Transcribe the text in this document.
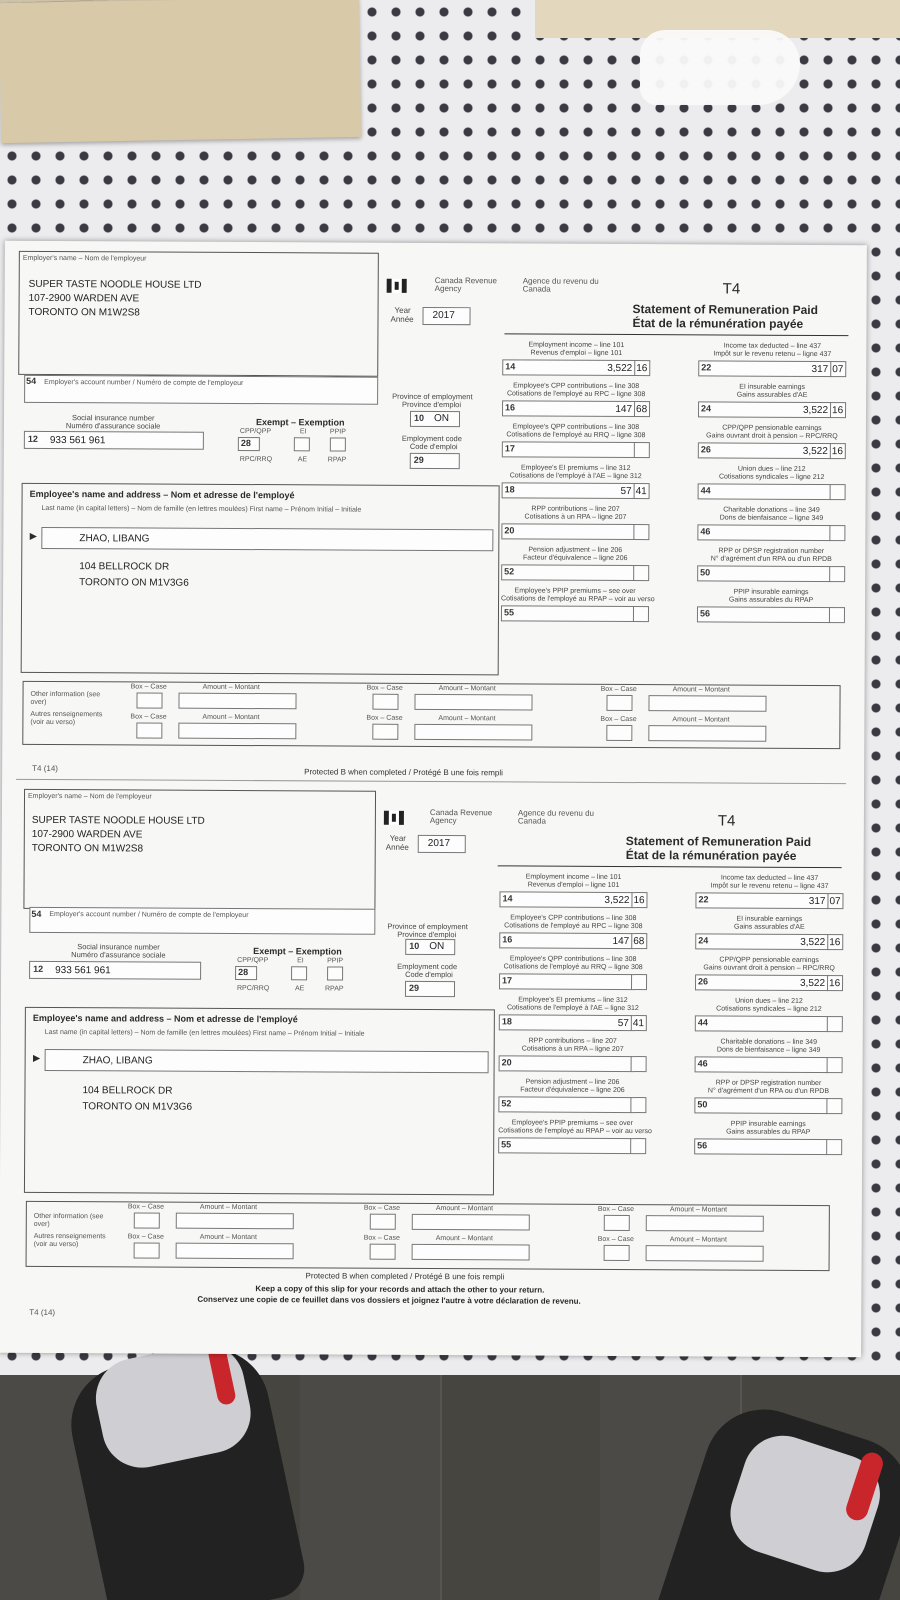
Employer's name – Nom de l'employeur
SUPER TASTE NOODLE HOUSE LTD
107-2900 WARDEN AVE
TORONTO ON M1W2S8
Canada Revenue Agency
Agence du revenu du Canada	T4
Year
Année 2017	Statement of Remuneration Paid
État de la rémunération payée
54 Employer's account number / Numéro de compte de l'employeur
Social insurance number
Numéro d'assurance sociale
12 933 561 961
Exempt – Exemption
CPP/QPP	EI	PPIP
28
RPC/RRQ	AE	RPAP
Province of employment
Province d'emploi
10 ON
Employment code
Code d'emploi
29
Employee's name and address – Nom et adresse de l'employé
Last name (in capital letters) – Nom de famille (en lettres moulées) First name – Prénom Initial – Initiale
►	ZHAO, LIBANG
104 BELLROCK DR
TORONTO ON M1V3G6
Employment income – line 101
Revenus d'emploi – ligne 101
14	3,522 16
Income tax deducted – line 437
Impôt sur le revenu retenu – ligne 437
22	317 07
Employee's CPP contributions – line 308
Cotisations de l'employé au RPC – ligne 308
16	147 68
EI insurable earnings
Gains assurables d'AE
24	3,522 16
Employee's QPP contributions – line 308
Cotisations de l'employé au RRQ – ligne 308
17
CPP/QPP pensionable earnings
Gains ouvrant droit à pension – RPC/RRQ
26	3,522 16
Employee's EI premiums – line 312
Cotisations de l'employé à l'AE – ligne 312
18	57 41
Union dues – line 212
Cotisations syndicales – ligne 212
44
RPP contributions – line 207
Cotisations à un RPA – ligne 207
20
Charitable donations – line 349
Dons de bienfaisance – ligne 349
46
Pension adjustment – line 206
Facteur d'équivalence – ligne 206
52
RPP or DPSP registration number
N° d'agrément d'un RPA ou d'un RPDB
50
Employee's PPIP premiums – see over
Cotisations de l'employé au RPAP – voir au verso
55
PPIP insurable earnings
Gains assurables du RPAP
56
Other information (see over)
Autres renseignements (voir au verso)
Box – Case	Amount – Montant	Box – Case	Amount – Montant	Box – Case	Amount – Montant
Box – Case	Amount – Montant	Box – Case	Amount – Montant	Box – Case	Amount – Montant
T4 (14)	Protected B when completed / Protégé B une fois rempli
Employer's name – Nom de l'employeur
SUPER TASTE NOODLE HOUSE LTD
107-2900 WARDEN AVE
TORONTO ON M1W2S8
Canada Revenue Agency
Agence du revenu du Canada	T4
Year
Année 2017	Statement of Remuneration Paid
État de la rémunération payée
54 Employer's account number / Numéro de compte de l'employeur
Social insurance number
Numéro d'assurance sociale
12 933 561 961
Exempt – Exemption
CPP/QPP	EI	PPIP
28
RPC/RRQ	AE	RPAP
Province of employment
Province d'emploi
10 ON
Employment code
Code d'emploi
29
Employee's name and address – Nom et adresse de l'employé
Last name (in capital letters) – Nom de famille (en lettres moulées) First name – Prénom Initial – Initiale
►	ZHAO, LIBANG
104 BELLROCK DR
TORONTO ON M1V3G6
Employment income – line 101
Revenus d'emploi – ligne 101
14	3,522 16
Income tax deducted – line 437
Impôt sur le revenu retenu – ligne 437
22	317 07
Employee's CPP contributions – line 308
Cotisations de l'employé au RPC – ligne 308
16	147 68
EI insurable earnings
Gains assurables d'AE
24	3,522 16
Employee's QPP contributions – line 308
Cotisations de l'employé au RRQ – ligne 308
17
CPP/QPP pensionable earnings
Gains ouvrant droit à pension – RPC/RRQ
26	3,522 16
Employee's EI premiums – line 312
Cotisations de l'employé à l'AE – ligne 312
18	57 41
Union dues – line 212
Cotisations syndicales – ligne 212
44
RPP contributions – line 207
Cotisations à un RPA – ligne 207
20
Charitable donations – line 349
Dons de bienfaisance – ligne 349
46
Pension adjustment – line 206
Facteur d'équivalence – ligne 206
52
RPP or DPSP registration number
N° d'agrément d'un RPA ou d'un RPDB
50
Employee's PPIP premiums – see over
Cotisations de l'employé au RPAP – voir au verso
55
PPIP insurable earnings
Gains assurables du RPAP
56
Other information (see over)
Autres renseignements (voir au verso)
Box – Case	Amount – Montant	Box – Case	Amount – Montant	Box – Case	Amount – Montant
Box – Case	Amount – Montant	Box – Case	Amount – Montant	Box – Case	Amount – Montant
Protected B when completed / Protégé B une fois rempli
Keep a copy of this slip for your records and attach the other to your return.
Conservez une copie de ce feuillet dans vos dossiers et joignez l'autre à votre déclaration de revenu.
T4 (14)
